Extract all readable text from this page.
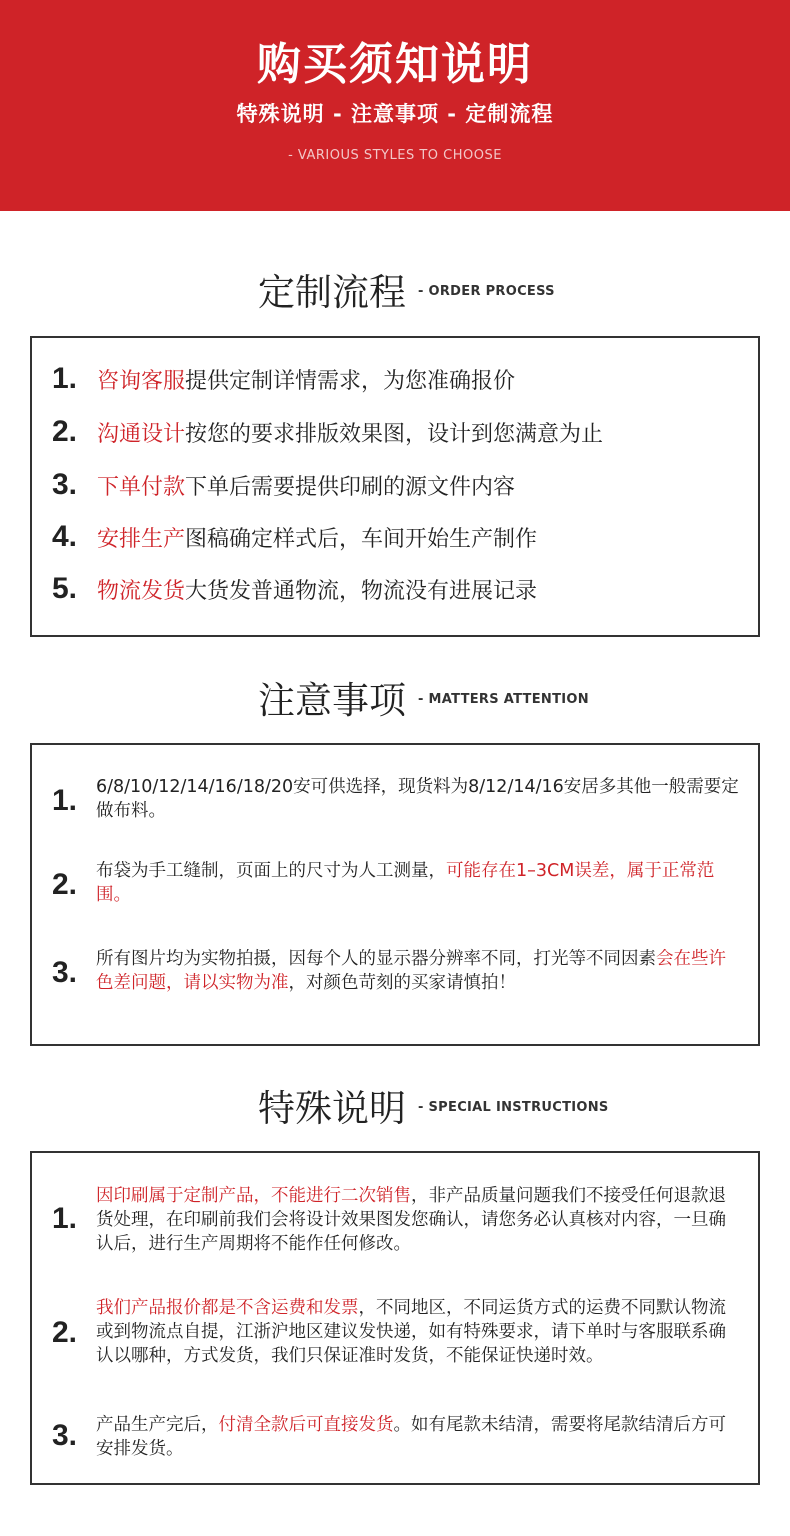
购买须知说明
特殊说明 - 注意事项 - 定制流程
- VARIOUS STYLES TO CHOOSE
定制流程 - ORDER PROCESS
1. 咨询客服提供定制详情需求，为您准确报价
2. 沟通设计按您的要求排版效果图，设计到您满意为止
3. 下单付款下单后需要提供印刷的源文件内容
4. 安排生产图稿确定样式后，车间开始生产制作
5. 物流发货大货发普通物流，物流没有进展记录
注意事项 - MATTERS ATTENTION
1. 6/8/10/12/14/16/18/20安可供选择，现货料为8/12/14/16安居多其他一般需要定做布料。
2. 布袋为手工缝制，页面上的尺寸为人工测量，可能存在1–3CM误差，属于正常范围。
3. 所有图片均为实物拍摄，因每个人的显示器分辨率不同，打光等不同因素会在些许色差问题，请以实物为准，对颜色苛刻的买家请慎拍！
特殊说明 - SPECIAL INSTRUCTIONS
1.
因印刷属于定制产品，不能进行二次销售，非产品质量问题我们不接受任何退款退货处理，在印刷前我们会将设计效果图发您确认，请您务必认真核对内容，一旦确认后，进行生产周期将不能作任何修改。
2.
我们产品报价都是不含运费和发票，不同地区，不同运货方式的运费不同默认物流或到物流点自提，江浙沪地区建议发快递，如有特殊要求，请下单时与客服联系确认以哪种，方式发货，我们只保证准时发货，不能保证快递时效。
3. 产品生产完后，付清全款后可直接发货。如有尾款未结清，需要将尾款结清后方可安排发货。
